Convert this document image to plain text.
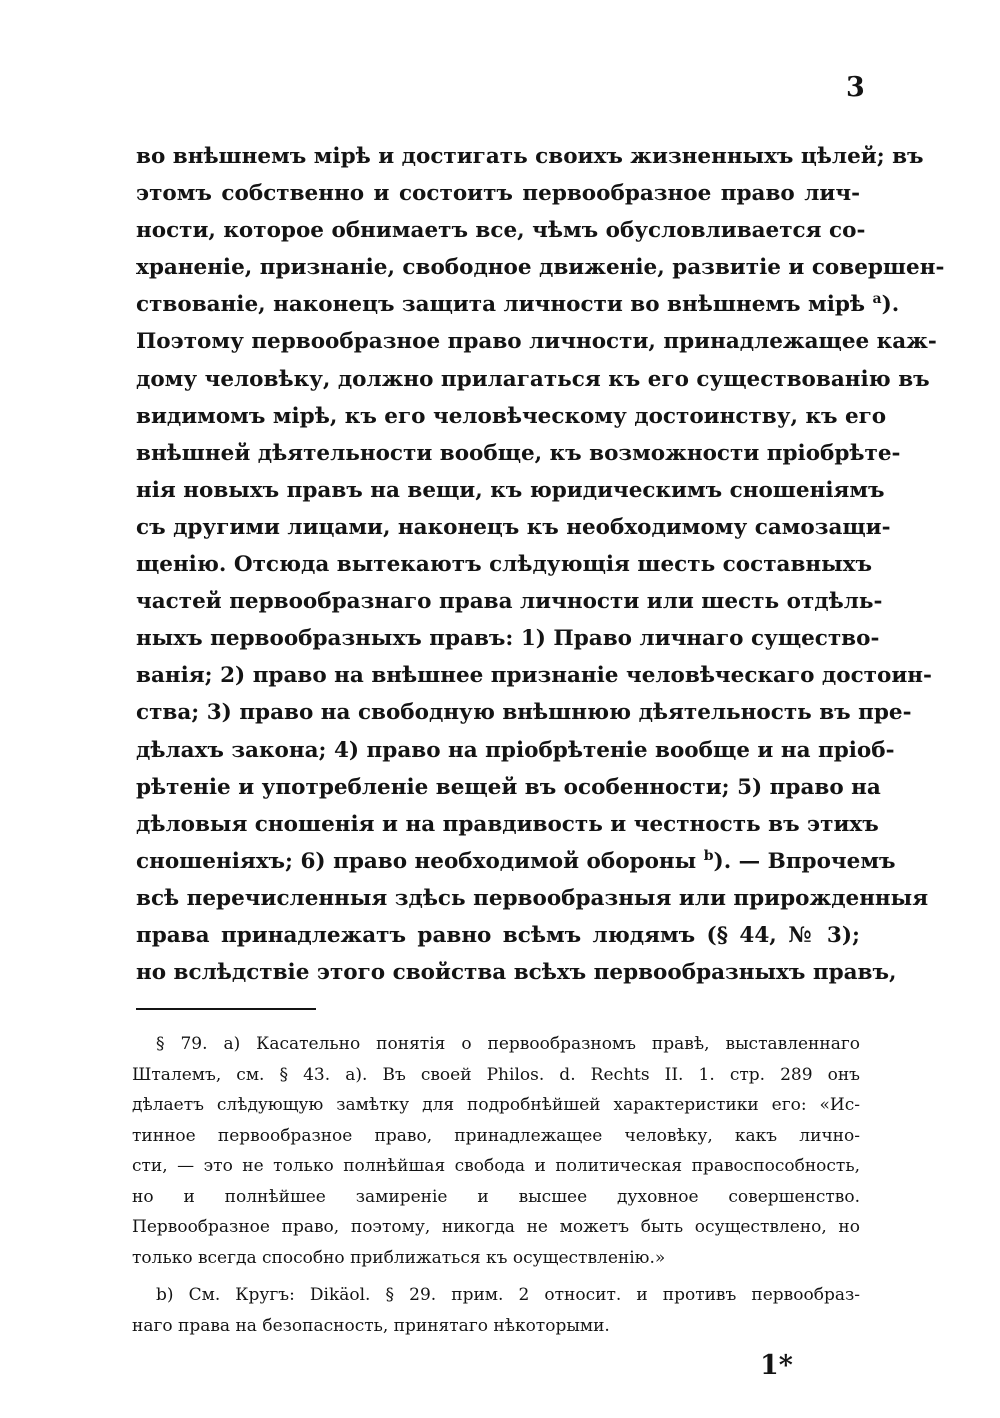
3
во внѣшнемъ мірѣ и достигать своихъ жизненныхъ цѣлей; въ
этомъ собственно и состоитъ первообразное право лич-
ности, которое обнимаетъ все, чѣмъ обусловливается со-
храненіе, признаніе, свободное движеніе, развитіе и совершен-
ствованіе, наконецъ защита личности во внѣшнемъ мірѣ $^a$).
Поэтому первообразное право личности, принадлежащее каж-
дому человѣку, должно прилагаться къ его существованію въ
видимомъ мірѣ, къ его человѣческому достоинству, къ его
внѣшней дѣятельности вообще, къ возможности пріобрѣте-
нія новыхъ правъ на вещи, къ юридическимъ сношеніямъ
съ другими лицами, наконецъ къ необходимому самозащи-
щенію. Отсюда вытекаютъ слѣдующія шесть составныхъ
частей первообразнаго права личности или шесть отдѣль-
ныхъ первообразныхъ правъ: 1) Право личнаго существо-
ванія; 2) право на внѣшнее признаніе человѣческаго достоин-
ства; 3) право на свободную внѣшнюю дѣятельность въ пре-
дѣлахъ закона; 4) право на пріобрѣтеніе вообще и на пріоб-
рѣтеніе и употребленіе вещей въ особенности; 5) право на
дѣловыя сношенія и на правдивость и честность въ этихъ
сношеніяхъ; 6) право необходимой обороны $^b$). — Впрочемъ
всѣ перечисленныя здѣсь первообразныя или прирожденныя
права принадлежатъ равно всѣмъ людямъ (§ 44, № 3);
но вслѣдствіе этого свойства всѣхъ первообразныхъ правъ,
§ 79. a) Касательно понятія о первообразномъ правѣ, выставленнаго
Шталемъ, см. § 43. a). Въ своей Philos. d. Rechts II. 1. стр. 289 онъ
дѣлаетъ слѣдующую замѣтку для подробнѣйшей характеристики его: «Ис-
тинное первообразное право, принадлежащее человѣку, какъ лично-
сти, — это не только полнѣйшая свобода и политическая правоспособность,
но и полнѣйшее замиреніе и высшее духовное совершенство.
Первообразное право, поэтому, никогда не можетъ быть осуществлено, но
только всегда способно приближаться къ осуществленію.»
b) См. Кругъ: Dikäol. § 29. прим. 2 относит. и противъ первообраз-
наго права на безопасность, принятаго нѣкоторыми.
1*
